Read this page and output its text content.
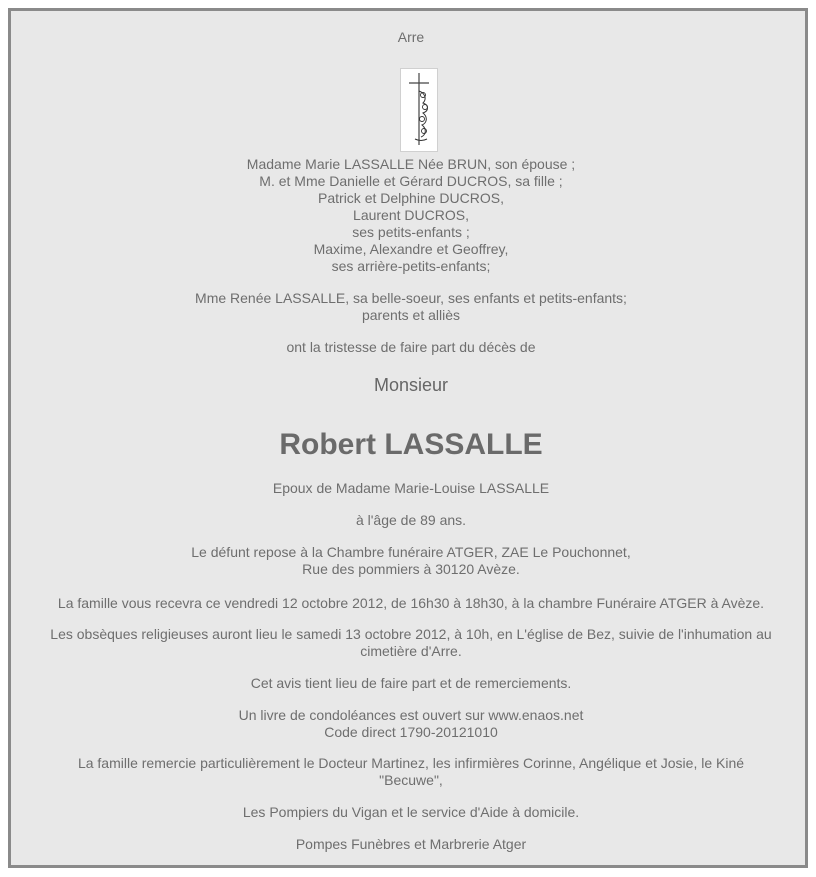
Arre
Madame Marie LASSALLE Née BRUN, son épouse ;
M. et Mme Danielle et Gérard DUCROS, sa fille ;
Patrick et Delphine DUCROS,
Laurent DUCROS,
ses petits-enfants ;
Maxime, Alexandre et Geoffrey,
ses arrière-petits-enfants;
Mme Renée LASSALLE, sa belle-soeur, ses enfants et petits-enfants;
parents et alliès
ont la tristesse de faire part du décès de
Monsieur
Robert LASSALLE
Epoux de Madame Marie-Louise LASSALLE
à l'âge de 89 ans.
Le défunt repose à la Chambre funéraire ATGER, ZAE Le Pouchonnet,
Rue des pommiers à 30120 Avèze.
La famille vous recevra ce vendredi 12 octobre 2012, de 16h30 à 18h30, à la chambre Funéraire ATGER à Avèze.
Les obsèques religieuses auront lieu le samedi 13 octobre 2012, à 10h, en L'église de Bez, suivie de l'inhumation au
cimetière d'Arre.
Cet avis tient lieu de faire part et de remerciements.
Un livre de condoléances est ouvert sur www.enaos.net
Code direct 1790-20121010
La famille remercie particulièrement le Docteur Martinez, les infirmières Corinne, Angélique et Josie, le Kiné
"Becuwe",
Les Pompiers du Vigan et le service d'Aide à domicile.
Pompes Funèbres et Marbrerie Atger
